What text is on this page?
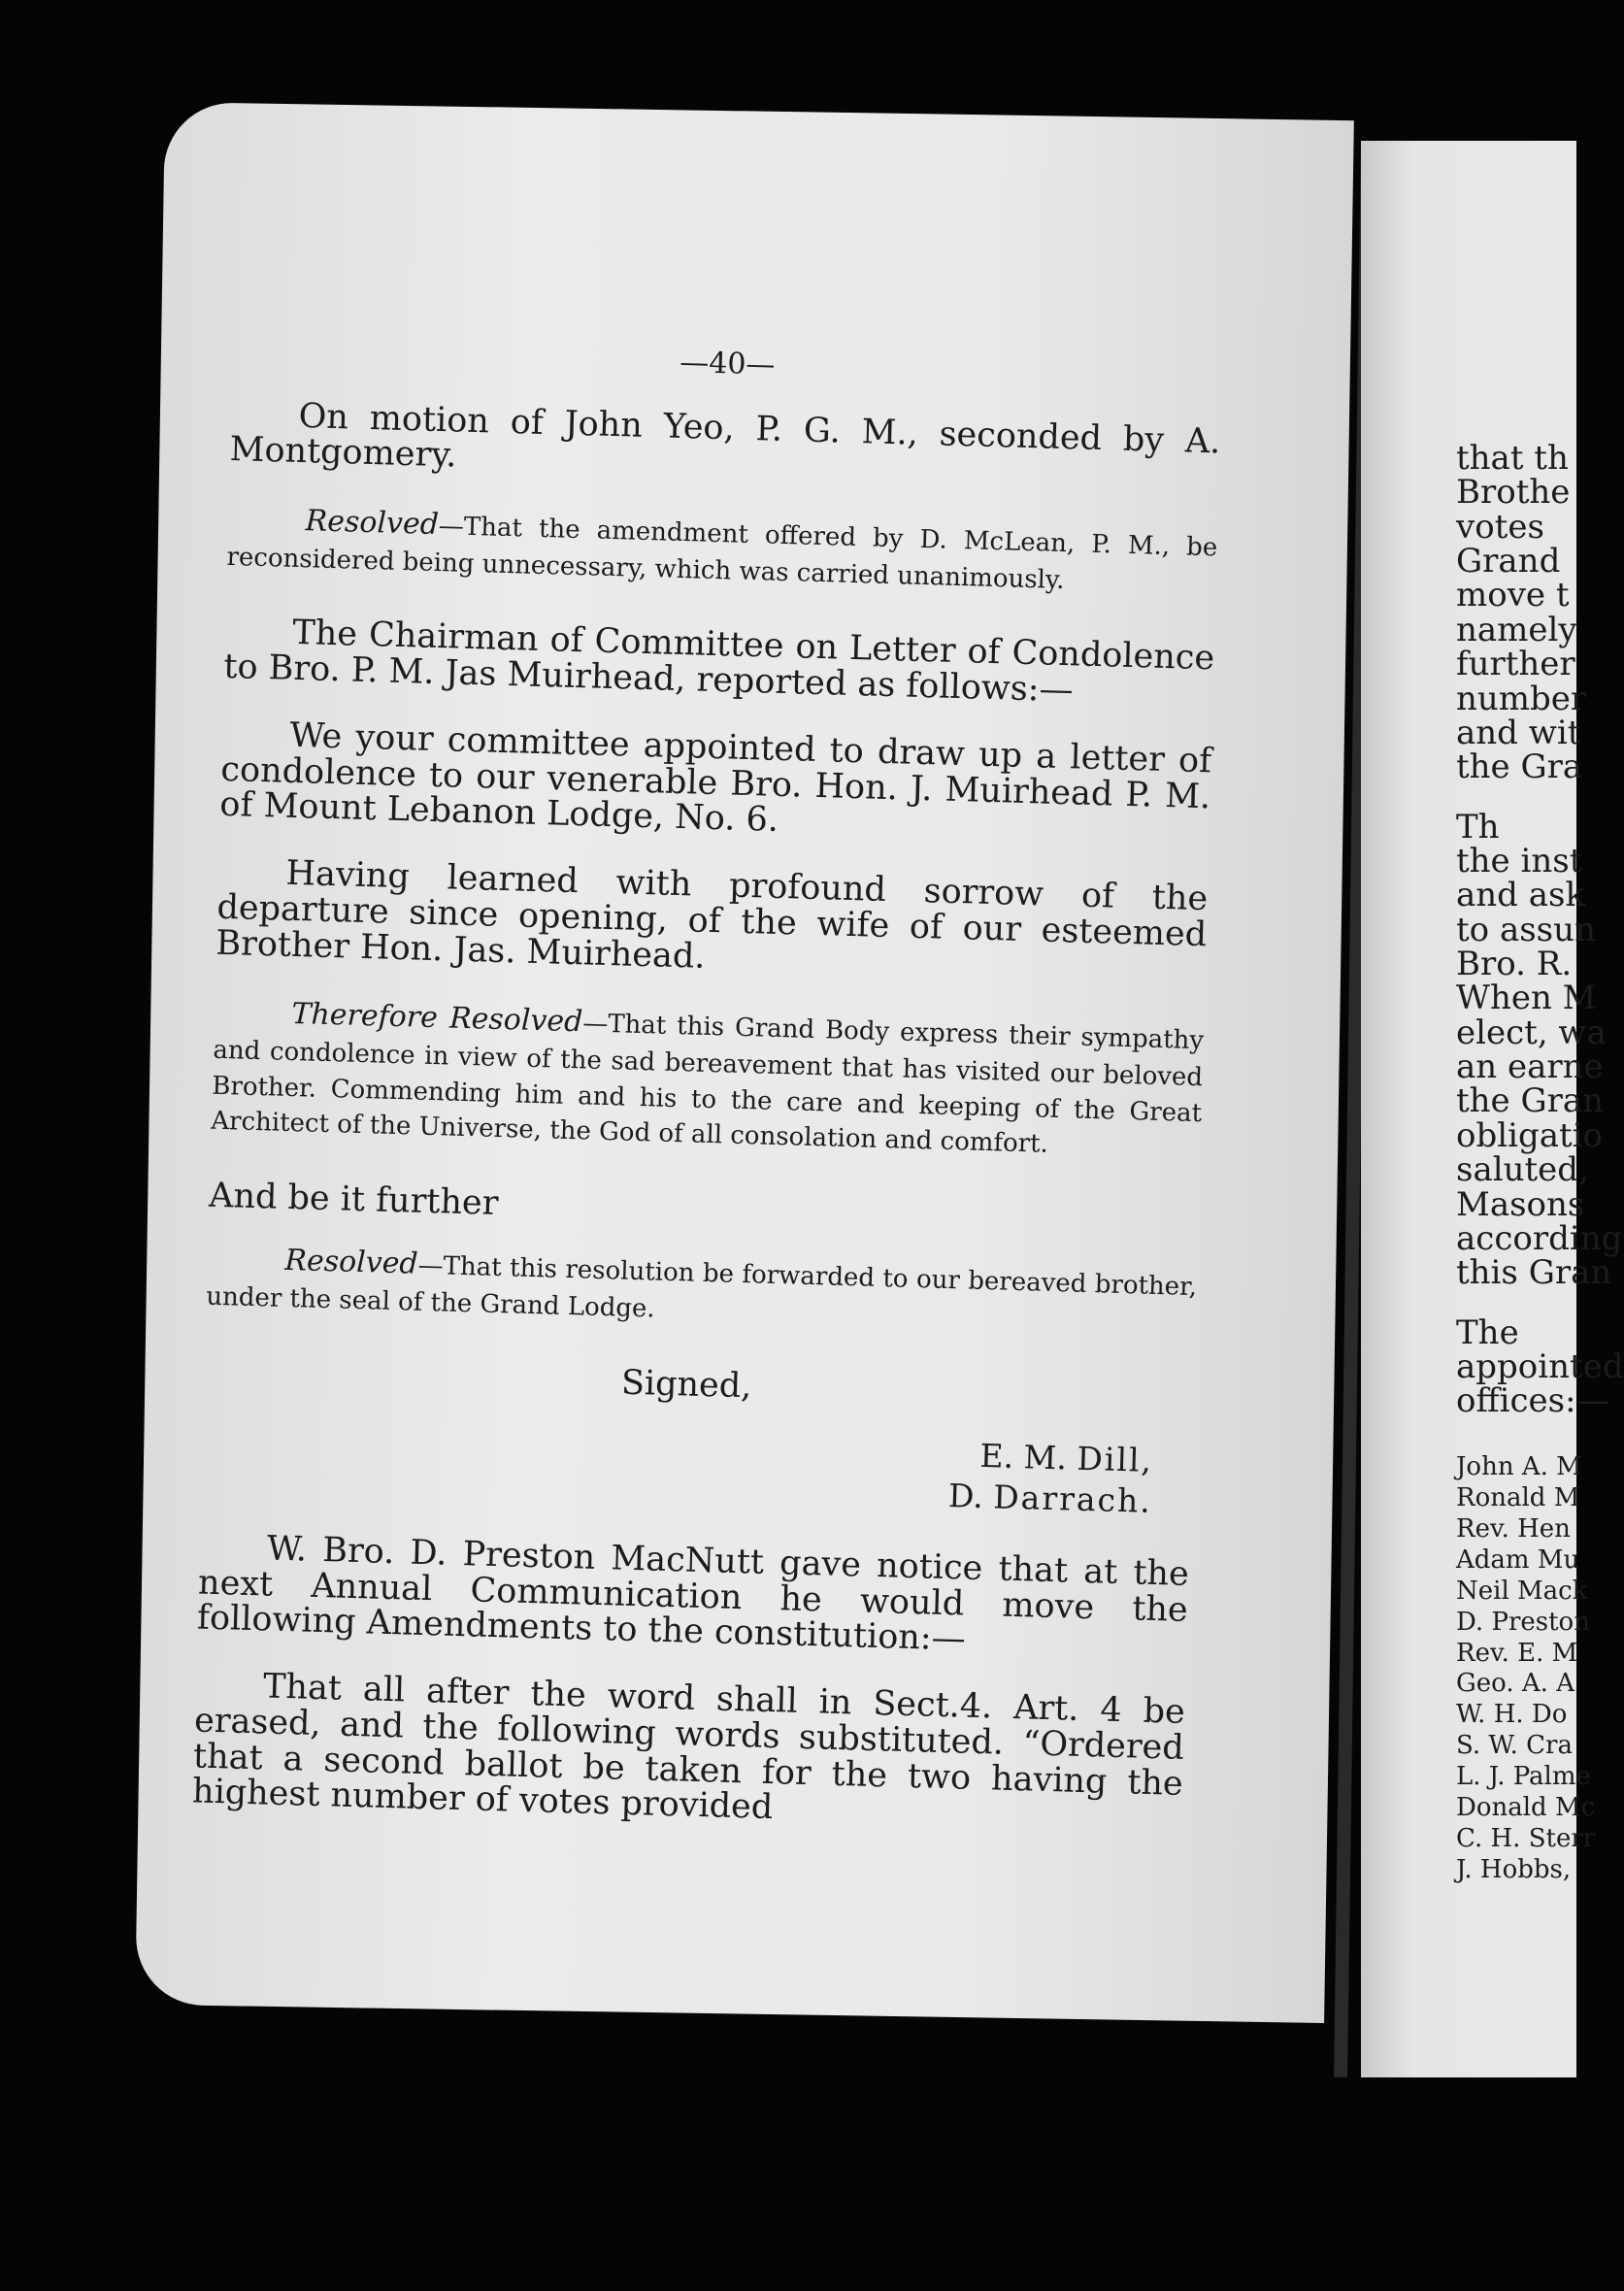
—40—
On motion of John Yeo, P. G. M., seconded by A. Montgomery.
Resolved—That the amendment offered by D. McLean, P. M., be reconsidered being unnecessary, which was carried unanimously.
The Chairman of Committee on Letter of Condolence to Bro. P. M. Jas Muirhead, reported as follows:—
We your committee appointed to draw up a letter of condolence to our venerable Bro. Hon. J. Muirhead P. M. of Mount Lebanon Lodge, No. 6.
Having learned with profound sorrow of the departure since opening, of the wife of our esteemed Brother Hon. Jas. Muirhead.
Therefore Resolved—That this Grand Body express their sympathy and condolence in view of the sad bereavement that has visited our beloved Brother. Commending him and his to the care and keeping of the Great Architect of the Universe, the God of all consolation and comfort.
And be it further
Resolved—That this resolution be forwarded to our bereaved brother, under the seal of the Grand Lodge.
Signed,

E. M. Dill,

D. Darrach.

W. Bro. D. Preston MacNutt gave notice that at the next Annual Communication he would move the following Amendments to the constitution:—
That all after the word shall in Sect.4. Art. 4 be erased, and the following words substituted. “Ordered that a second ballot be taken for the two having the highest number of votes provided

that th

Brothe

votes

Grand

move t

namely

further

number

and wit

the Gra

Th

the inst

and ask

to assun

Bro. R.

When M

elect, wa

an earne

the Gran

obligatio

saluted,

Masons

according

this Gran

The

appointed

offices:—

John A. M

Ronald M

Rev. Hen

Adam Mu

Neil Mack

D. Preston

Rev. E. M

Geo. A. A

W. H. Do

S. W. Cra

L. J. Palme

Donald Mc

C. H. Sterr

J. Hobbs,
